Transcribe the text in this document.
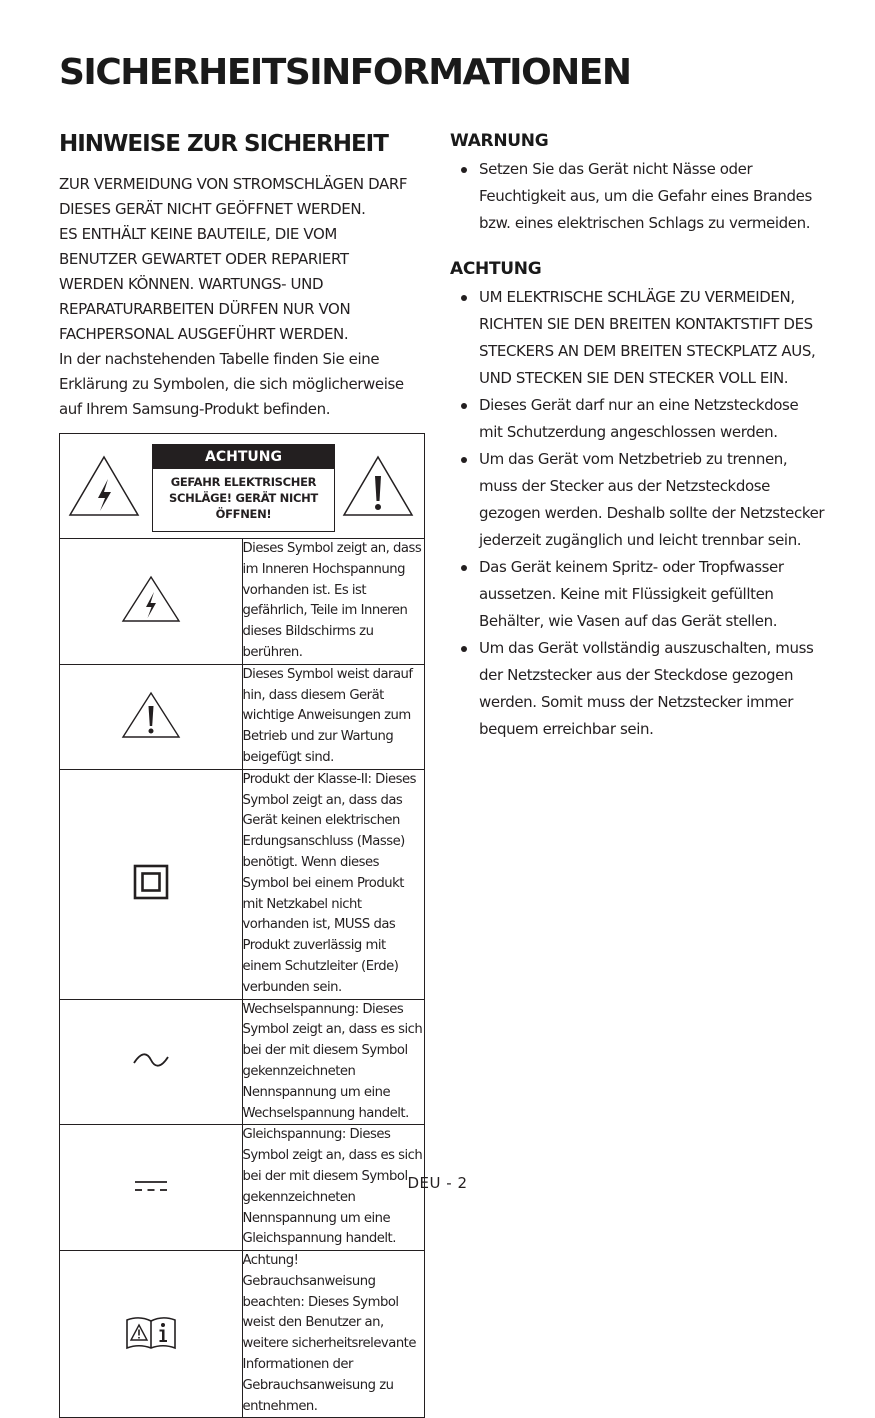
SICHERHEITSINFORMATIONEN
HINWEISE ZUR SICHERHEIT

ZUR VERMEIDUNG VON STROMSCHLÄGEN DARF

DIESES GERÄT NICHT GEÖFFNET WERDEN.

ES ENTHÄLT KEINE BAUTEILE, DIE VOM

BENUTZER GEWARTET ODER REPARIERT

WERDEN KÖNNEN. WARTUNGS- UND

REPARATURARBEITEN DÜRFEN NUR VON

FACHPERSONAL AUSGEFÜHRT WERDEN.

In der nachstehenden Tabelle finden Sie eine

Erklärung zu Symbolen, die sich möglicherweise

auf Ihrem Samsung-Produkt befinden.

ACHTUNG
GEFAHR ELEKTRISCHER
SCHLÄGE! GERÄT NICHT
ÖFFNEN!	

	Dieses Symbol zeigt an, dass im Inneren Hochspannung vorhanden ist. Es ist gefährlich, Teile im Inneren dieses Bildschirms zu berühren.
	Dieses Symbol weist darauf hin, dass diesem Gerät wichtige Anweisungen zum Betrieb und zur Wartung beigefügt sind.
	Produkt der Klasse-II: Dieses Symbol zeigt an, dass das Gerät keinen elektrischen Erdungsanschluss (Masse) benötigt. Wenn dieses Symbol bei einem Produkt mit Netzkabel nicht vorhanden ist, MUSS das Produkt zuverlässig mit einem Schutzleiter (Erde) verbunden sein.
	Wechselspannung: Dieses Symbol zeigt an, dass es sich bei der mit diesem Symbol gekennzeichneten Nennspannung um eine Wechselspannung handelt.
	Gleichspannung: Dieses Symbol zeigt an, dass es sich bei der mit diesem Symbol gekennzeichneten Nennspannung um eine Gleichspannung handelt.
	Achtung! Gebrauchsanweisung beachten: Dieses Symbol weist den Benutzer an, weitere sicherheitsrelevante Informationen der Gebrauchsanweisung zu entnehmen.
WARNUNG
Setzen Sie das Gerät nicht Nässe oder Feuchtigkeit aus, um die Gefahr eines Brandes bzw. eines elektrischen Schlags zu vermeiden.
ACHTUNG
UM ELEKTRISCHE SCHLÄGE ZU VERMEIDEN, RICHTEN SIE DEN BREITEN KONTAKTSTIFT DES STECKERS AN DEM BREITEN STECKPLATZ AUS, UND STECKEN SIE DEN STECKER VOLL EIN.
Dieses Gerät darf nur an eine Netzsteckdose mit Schutzerdung angeschlossen werden.
Um das Gerät vom Netzbetrieb zu trennen, muss der Stecker aus der Netzsteckdose gezogen werden. Deshalb sollte der Netzstecker jederzeit zugänglich und leicht trennbar sein.
Das Gerät keinem Spritz- oder Tropfwasser aussetzen. Keine mit Flüssigkeit gefüllten Behälter, wie Vasen auf das Gerät stellen.
Um das Gerät vollständig auszuschalten, muss der Netzstecker aus der Steckdose gezogen werden. Somit muss der Netzstecker immer bequem erreichbar sein.
DEU - 2
